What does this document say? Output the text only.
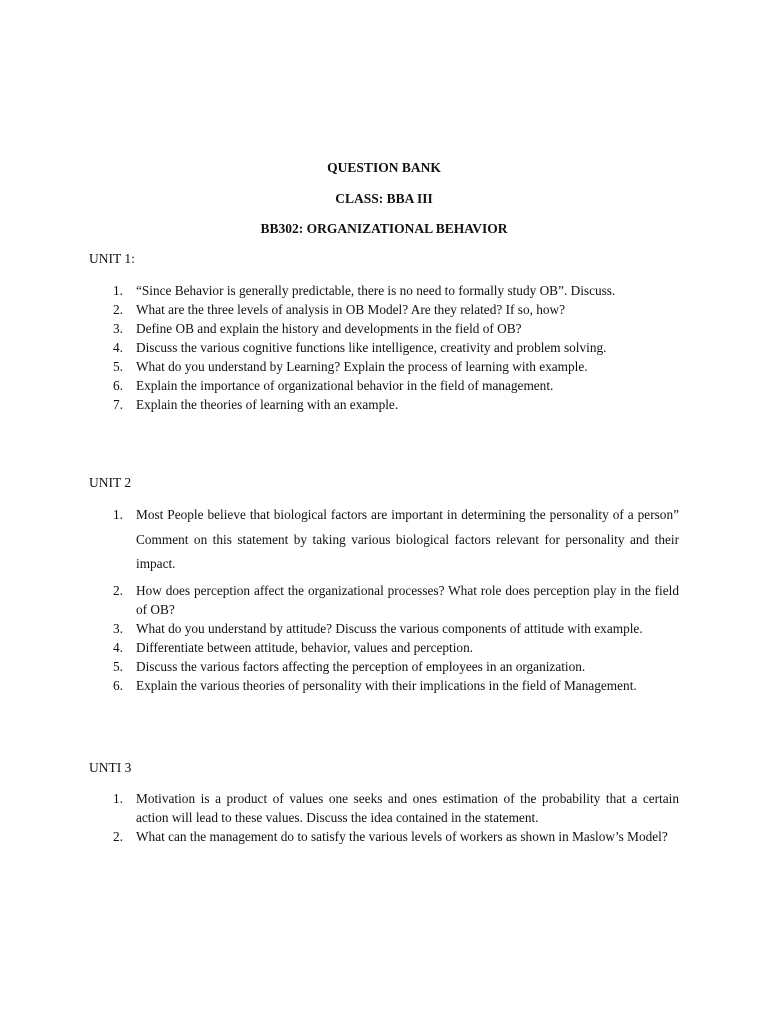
QUESTION BANK
CLASS: BBA III
BB302: ORGANIZATIONAL BEHAVIOR
UNIT 1:
1. “Since Behavior is generally predictable, there is no need to formally study OB”. Discuss.
2. What are the three levels of analysis in OB Model? Are they related? If so, how?
3. Define OB and explain the history and developments in the field of OB?
4. Discuss the various cognitive functions like intelligence, creativity and problem solving.
5. What do you understand by Learning? Explain the process of learning with example.
6. Explain the importance of organizational behavior in the field of management.
7. Explain the theories of learning with an example.
UNIT 2
1. Most People believe that biological factors are important in determining the personality of a person” Comment on this statement by taking various biological factors relevant for personality and their impact.
2. How does perception affect the organizational processes? What role does perception play in the field of OB?
3. What do you understand by attitude? Discuss the various components of attitude with example.
4. Differentiate between attitude, behavior, values and perception.
5. Discuss the various factors affecting the perception of employees in an organization.
6. Explain the various theories of personality with their implications in the field of Management.
UNTI 3
1. Motivation is a product of values one seeks and ones estimation of the probability that a certain action will lead to these values. Discuss the idea contained in the statement.
2. What can the management do to satisfy the various levels of workers as shown in Maslow’s Model?
